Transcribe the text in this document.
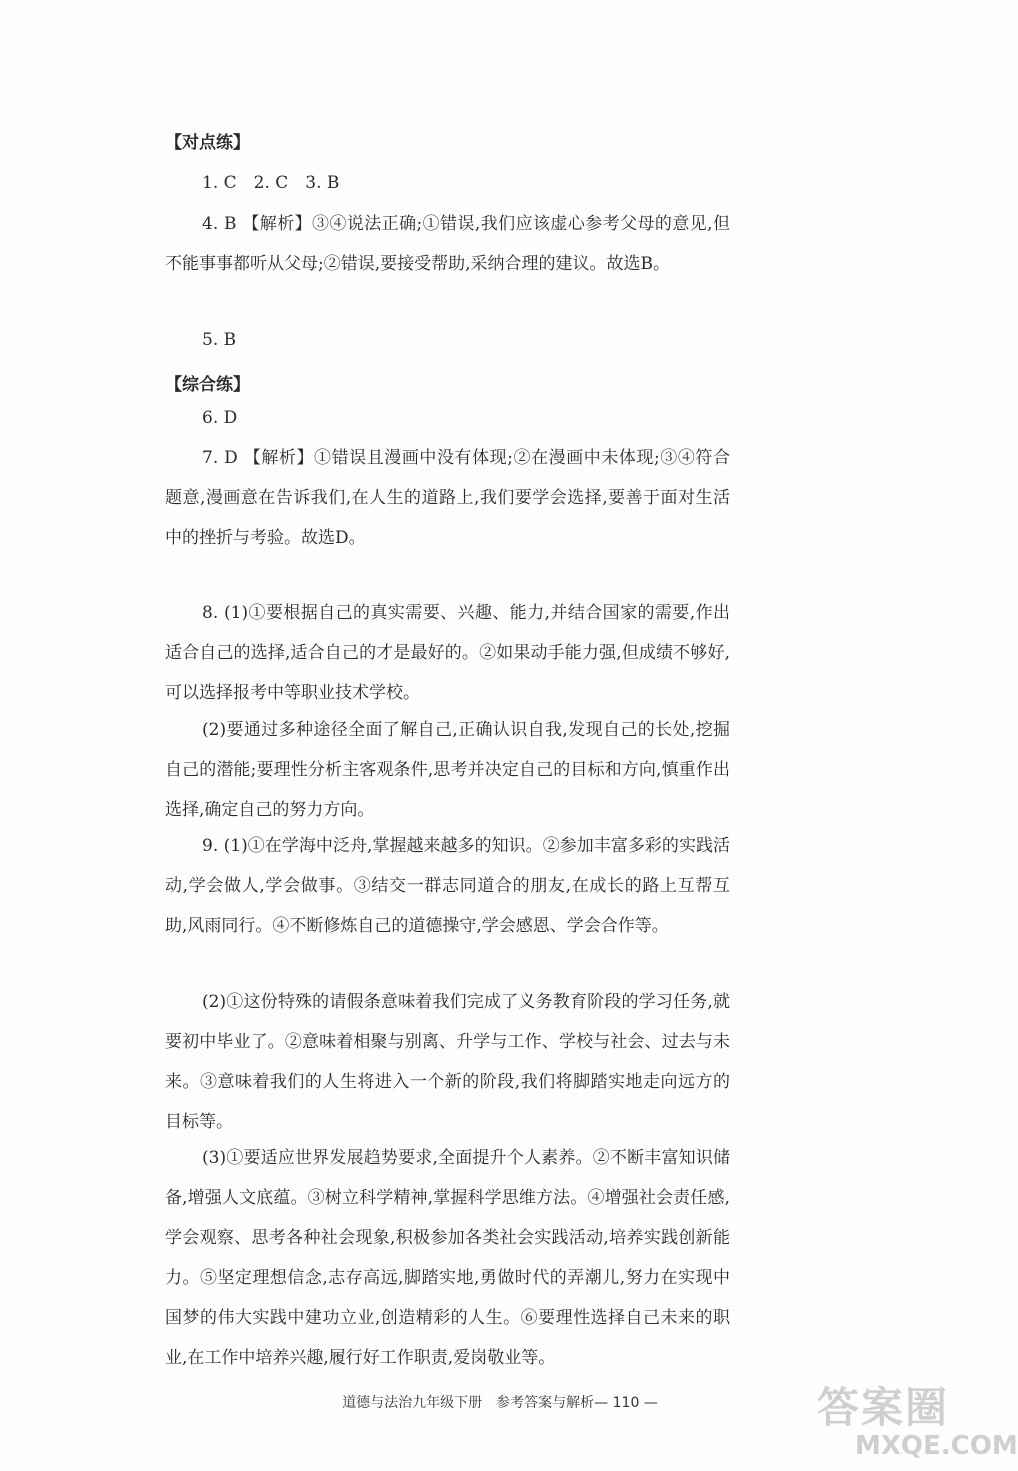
【对点练】
1. C　2. C　3. B
4. B 【解析】③④说法正确;①错误,我们应该虚心参考父母的意见,但不能事事都听从父母;②错误,要接受帮助,采纳合理的建议。故选B。
5. B
【综合练】
6. D
7. D 【解析】①错误且漫画中没有体现;②在漫画中未体现;③④符合题意,漫画意在告诉我们,在人生的道路上,我们要学会选择,要善于面对生活中的挫折与考验。故选D。
8. (1)①要根据自己的真实需要、兴趣、能力,并结合国家的需要,作出适合自己的选择,适合自己的才是最好的。②如果动手能力强,但成绩不够好,可以选择报考中等职业技术学校。
(2)要通过多种途径全面了解自己,正确认识自我,发现自己的长处,挖掘自己的潜能;要理性分析主客观条件,思考并决定自己的目标和方向,慎重作出选择,确定自己的努力方向。
9. (1)①在学海中泛舟,掌握越来越多的知识。②参加丰富多彩的实践活动,学会做人,学会做事。③结交一群志同道合的朋友,在成长的路上互帮互助,风雨同行。④不断修炼自己的道德操守,学会感恩、学会合作等。
(2)①这份特殊的请假条意味着我们完成了义务教育阶段的学习任务,就要初中毕业了。②意味着相聚与别离、升学与工作、学校与社会、过去与未来。③意味着我们的人生将进入一个新的阶段,我们将脚踏实地走向远方的目标等。
(3)①要适应世界发展趋势要求,全面提升个人素养。②不断丰富知识储备,增强人文底蕴。③树立科学精神,掌握科学思维方法。④增强社会责任感,学会观察、思考各种社会现象,积极参加各类社会实践活动,培养实践创新能力。⑤坚定理想信念,志存高远,脚踏实地,勇做时代的弄潮儿,努力在实现中国梦的伟大实践中建功立业,创造精彩的人生。⑥要理性选择自己未来的职业,在工作中培养兴趣,履行好工作职责,爱岗敬业等。
道德与法治九年级下册　参考答案与解析— 110 —	答案圈
MXQE.COM
